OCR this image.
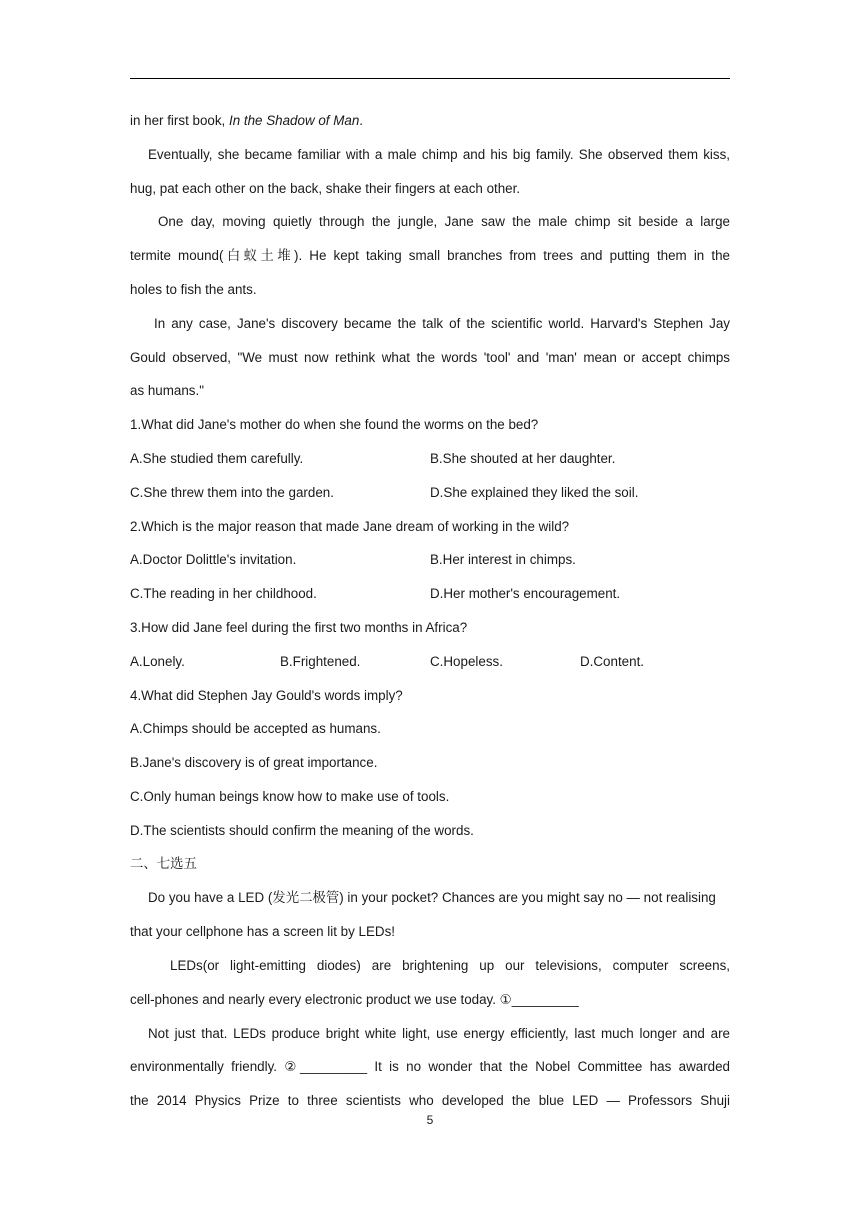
in her first book, In the Shadow of Man.
Eventually, she became familiar with a male chimp and his big family. She observed them kiss,
hug, pat each other on the back, shake their fingers at each other.
One day, moving quietly through the jungle, Jane saw the male chimp sit beside a large
termite mound(白蚁土堆). He kept taking small branches from trees and putting them in the
holes to fish the ants.
In any case, Jane's discovery became the talk of the scientific world. Harvard's Stephen Jay
Gould observed, "We must now rethink what the words 'tool' and 'man' mean or accept chimps
as humans."
1.What did Jane's mother do when she found the worms on the bed?
A.She studied them carefully.	B.She shouted at her daughter.
C.She threw them into the garden.	D.She explained they liked the soil.
2.Which is the major reason that made Jane dream of working in the wild?
A.Doctor Dolittle's invitation.	B.Her interest in chimps.
C.The reading in her childhood.	D.Her mother's encouragement.
3.How did Jane feel during the first two months in Africa?
A.Lonely.	B.Frightened.	C.Hopeless.	D.Content.
4.What did Stephen Jay Gould's words imply?
A.Chimps should be accepted as humans.
B.Jane's discovery is of great importance.
C.Only human beings know how to make use of tools.
D.The scientists should confirm the meaning of the words.
二、七选五
Do you have a LED (发光二极管) in your pocket? Chances are you might say no — not realising
that your cellphone has a screen lit by LEDs!
LEDs(or light-emitting diodes) are brightening up our televisions, computer screens,
cell-phones and nearly every electronic product we use today. ①_________
Not just that. LEDs produce bright white light, use energy efficiently, last much longer and are
environmentally friendly. ②_________ It is no wonder that the Nobel Committee has awarded
the 2014 Physics Prize to three scientists who developed the blue LED — Professors Shuji
5
